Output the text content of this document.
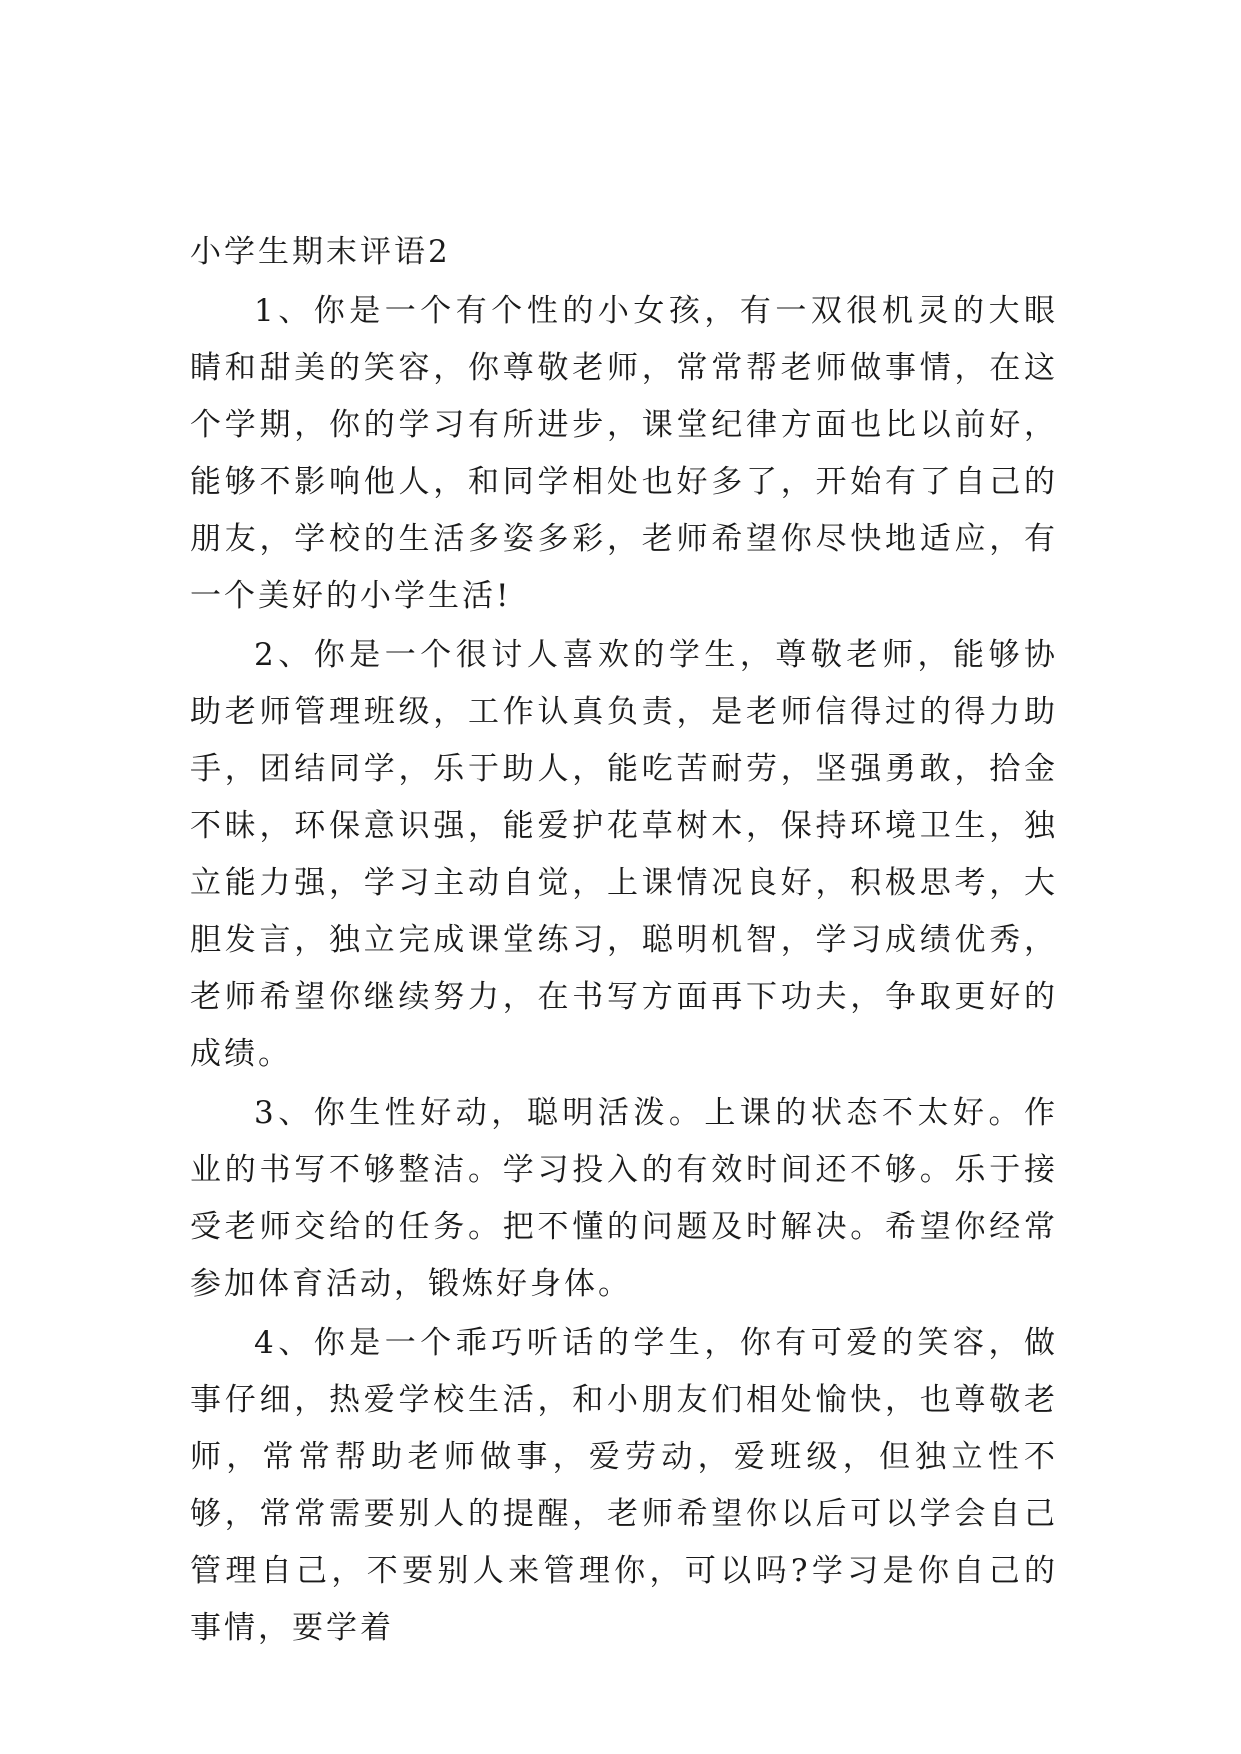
小学生期末评语2

1、你是一个有个性的小女孩，有一双很机灵的大眼睛和甜美的笑容，你尊敬老师，常常帮老师做事情，在这个学期，你的学习有所进步，课堂纪律方面也比以前好，能够不影响他人，和同学相处也好多了，开始有了自己的朋友，学校的生活多姿多彩，老师希望你尽快地适应，有一个美好的小学生活!

2、你是一个很讨人喜欢的学生，尊敬老师，能够协助老师管理班级，工作认真负责，是老师信得过的得力助手，团结同学，乐于助人，能吃苦耐劳，坚强勇敢，拾金不昧，环保意识强，能爱护花草树木，保持环境卫生，独立能力强，学习主动自觉，上课情况良好，积极思考，大胆发言，独立完成课堂练习，聪明机智，学习成绩优秀，老师希望你继续努力，在书写方面再下功夫，争取更好的成绩。

3、你生性好动，聪明活泼。上课的状态不太好。作业的书写不够整洁。学习投入的有效时间还不够。乐于接受老师交给的任务。把不懂的问题及时解决。希望你经常参加体育活动，锻炼好身体。

4、你是一个乖巧听话的学生，你有可爱的笑容，做事仔细，热爱学校生活，和小朋友们相处愉快，也尊敬老师，常常帮助老师做事，爱劳动，爱班级，但独立性不够，常常需要别人的提醒，老师希望你以后可以学会自己管理自己，不要别人来管理你，可以吗?学习是你自己的事情，要学着
